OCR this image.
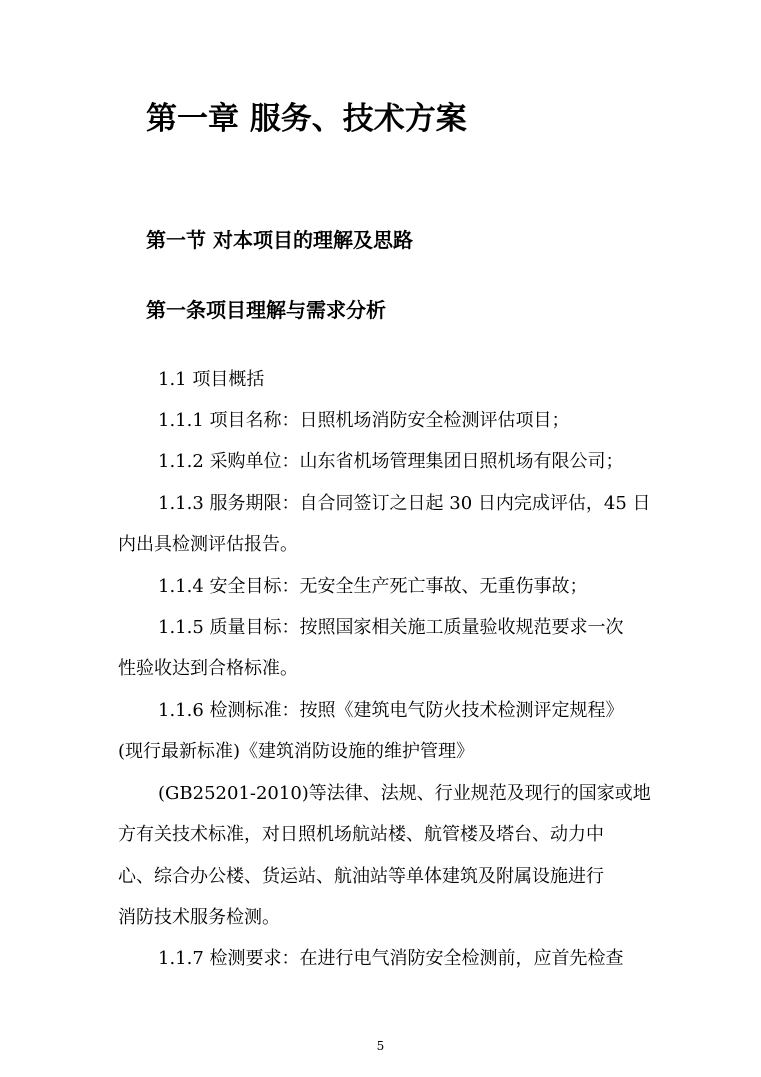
第一章 服务、技术方案
第一节 对本项目的理解及思路
第一条项目理解与需求分析
1.1 项目概括
1.1.1 项目名称：日照机场消防安全检测评估项目；
1.1.2 采购单位：山东省机场管理集团日照机场有限公司；
1.1.3 服务期限：自合同签订之日起 30 日内完成评估，45 日
内出具检测评估报告。
1.1.4 安全目标：无安全生产死亡事故、无重伤事故；
1.1.5 质量目标：按照国家相关施工质量验收规范要求一次
性验收达到合格标准。
1.1.6 检测标准：按照《建筑电气防火技术检测评定规程》
(现行最新标准)《建筑消防设施的维护管理》
(GB25201-2010)等法律、法规、行业规范及现行的国家或地
方有关技术标准，对日照机场航站楼、航管楼及塔台、动力中
心、综合办公楼、货运站、航油站等单体建筑及附属设施进行
消防技术服务检测。
1.1.7 检测要求：在进行电气消防安全检测前，应首先检查
5
